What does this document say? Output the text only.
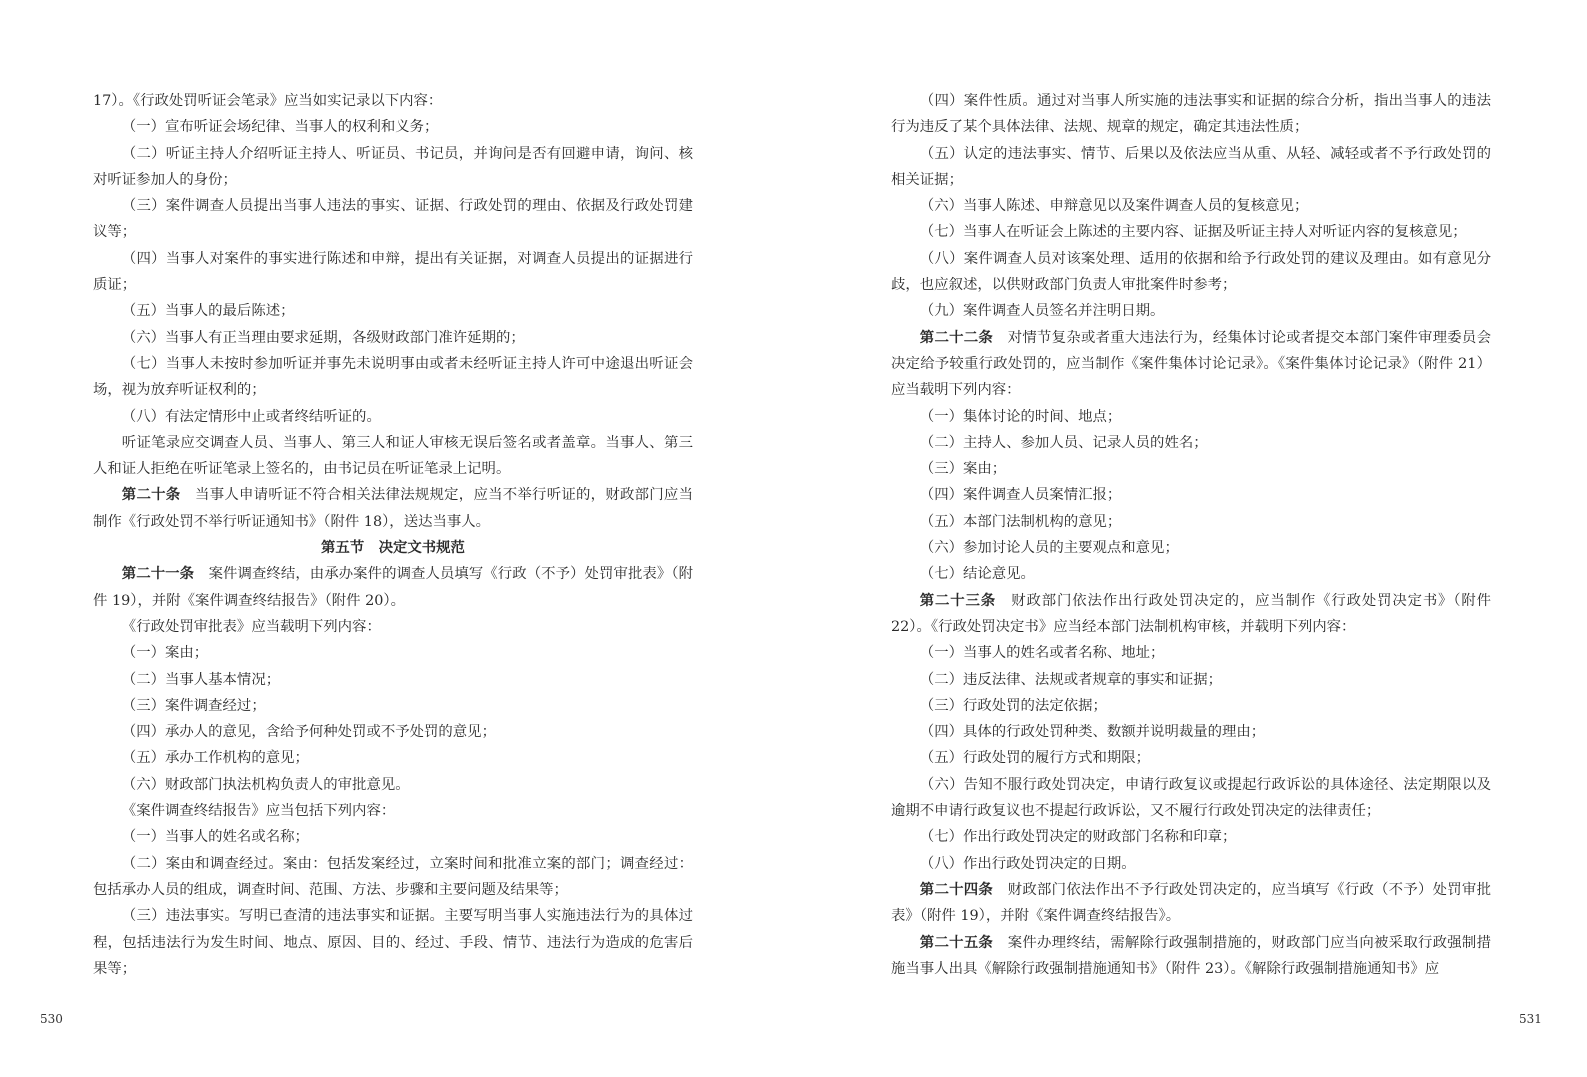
17）。《行政处罚听证会笔录》应当如实记录以下内容：

（一）宣布听证会场纪律、当事人的权利和义务；

（二）听证主持人介绍听证主持人、听证员、书记员，并询问是否有回避申请，询问、核对听证参加人的身份；

（三）案件调查人员提出当事人违法的事实、证据、行政处罚的理由、依据及行政处罚建议等；

（四）当事人对案件的事实进行陈述和申辩，提出有关证据，对调查人员提出的证据进行质证；

（五）当事人的最后陈述；

（六）当事人有正当理由要求延期，各级财政部门准许延期的；

（七）当事人未按时参加听证并事先未说明事由或者未经听证主持人许可中途退出听证会场，视为放弃听证权利的；

（八）有法定情形中止或者终结听证的。

听证笔录应交调查人员、当事人、第三人和证人审核无误后签名或者盖章。当事人、第三人和证人拒绝在听证笔录上签名的，由书记员在听证笔录上记明。

第二十条　当事人申请听证不符合相关法律法规规定，应当不举行听证的，财政部门应当制作《行政处罚不举行听证通知书》（附件 18），送达当事人。

第五节　决定文书规范

第二十一条　案件调查终结，由承办案件的调查人员填写《行政（不予）处罚审批表》（附件 19），并附《案件调查终结报告》（附件 20）。

《行政处罚审批表》应当载明下列内容：

（一）案由；

（二）当事人基本情况；

（三）案件调查经过；

（四）承办人的意见，含给予何种处罚或不予处罚的意见；

（五）承办工作机构的意见；

（六）财政部门执法机构负责人的审批意见。

《案件调查终结报告》应当包括下列内容：

（一）当事人的姓名或名称；

（二）案由和调查经过。案由：包括发案经过，立案时间和批准立案的部门；调查经过：包括承办人员的组成，调查时间、范围、方法、步骤和主要问题及结果等；

（三）违法事实。写明已查清的违法事实和证据。主要写明当事人实施违法行为的具体过程，包括违法行为发生时间、地点、原因、目的、经过、手段、情节、违法行为造成的危害后果等；

（四）案件性质。通过对当事人所实施的违法事实和证据的综合分析，指出当事人的违法行为违反了某个具体法律、法规、规章的规定，确定其违法性质；

（五）认定的违法事实、情节、后果以及依法应当从重、从轻、减轻或者不予行政处罚的相关证据；

（六）当事人陈述、申辩意见以及案件调查人员的复核意见；

（七）当事人在听证会上陈述的主要内容、证据及听证主持人对听证内容的复核意见；

（八）案件调查人员对该案处理、适用的依据和给予行政处罚的建议及理由。如有意见分歧，也应叙述，以供财政部门负责人审批案件时参考；

（九）案件调查人员签名并注明日期。

第二十二条　对情节复杂或者重大违法行为，经集体讨论或者提交本部门案件审理委员会决定给予较重行政处罚的，应当制作《案件集体讨论记录》。《案件集体讨论记录》（附件 21）应当载明下列内容：

（一）集体讨论的时间、地点；

（二）主持人、参加人员、记录人员的姓名；

（三）案由；

（四）案件调查人员案情汇报；

（五）本部门法制机构的意见；

（六）参加讨论人员的主要观点和意见；

（七）结论意见。

第二十三条　财政部门依法作出行政处罚决定的，应当制作《行政处罚决定书》（附件 22）。《行政处罚决定书》应当经本部门法制机构审核，并载明下列内容：

（一）当事人的姓名或者名称、地址；

（二）违反法律、法规或者规章的事实和证据；

（三）行政处罚的法定依据；

（四）具体的行政处罚种类、数额并说明裁量的理由；

（五）行政处罚的履行方式和期限；

（六）告知不服行政处罚决定，申请行政复议或提起行政诉讼的具体途径、法定期限以及逾期不申请行政复议也不提起行政诉讼，又不履行行政处罚决定的法律责任；

（七）作出行政处罚决定的财政部门名称和印章；

（八）作出行政处罚决定的日期。

第二十四条　财政部门依法作出不予行政处罚决定的，应当填写《行政（不予）处罚审批表》（附件 19），并附《案件调查终结报告》。

第二十五条　案件办理终结，需解除行政强制措施的，财政部门应当向被采取行政强制措施当事人出具《解除行政强制措施通知书》（附件 23）。《解除行政强制措施通知书》应

530	531
